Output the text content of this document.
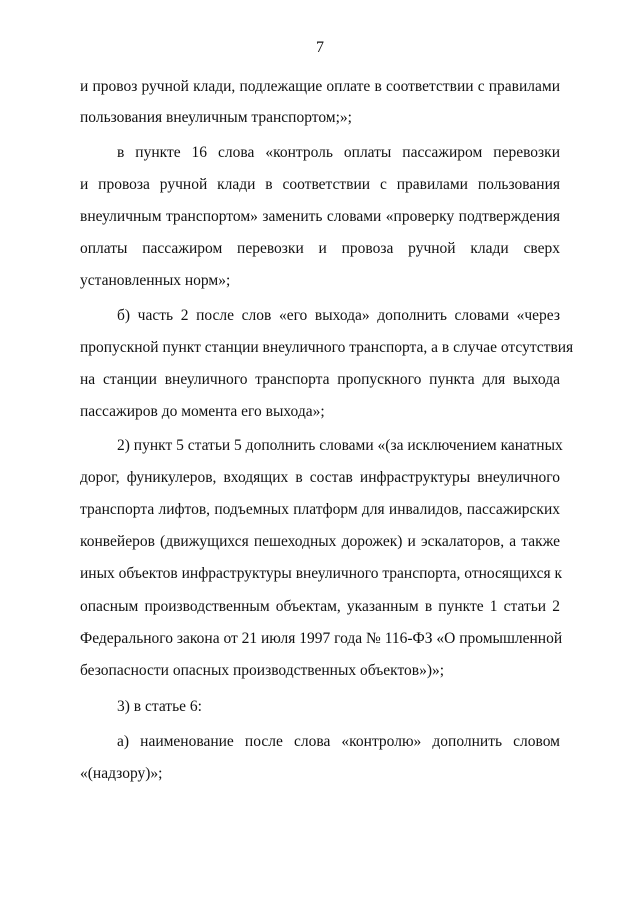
7
и провоз ручной клади, подлежащие оплате в соответствии с правилами
пользования внеуличным транспортом;»;
в пункте 16 слова «контроль оплаты пассажиром перевозки
и провоза ручной клади в соответствии с правилами пользования
внеуличным транспортом» заменить словами «проверку подтверждения
оплаты пассажиром перевозки и провоза ручной клади сверх
установленных норм»;
б) часть 2 после слов «его выхода» дополнить словами «через
пропускной пункт станции внеуличного транспорта, а в случае отсутствия
на станции внеуличного транспорта пропускного пункта для выхода
пассажиров до момента его выхода»;
2) пункт 5 статьи 5 дополнить словами «(за исключением канатных
дорог, фуникулеров, входящих в состав инфраструктуры внеуличного
транспорта лифтов, подъемных платформ для инвалидов, пассажирских
конвейеров (движущихся пешеходных дорожек) и эскалаторов, а также
иных объектов инфраструктуры внеуличного транспорта, относящихся к
опасным производственным объектам, указанным в пункте 1 статьи 2
Федерального закона от 21 июля 1997 года № 116-ФЗ «О промышленной
безопасности опасных производственных объектов»)»;
3) в статье 6:
а) наименование после слова «контролю» дополнить словом
«(надзору)»;
